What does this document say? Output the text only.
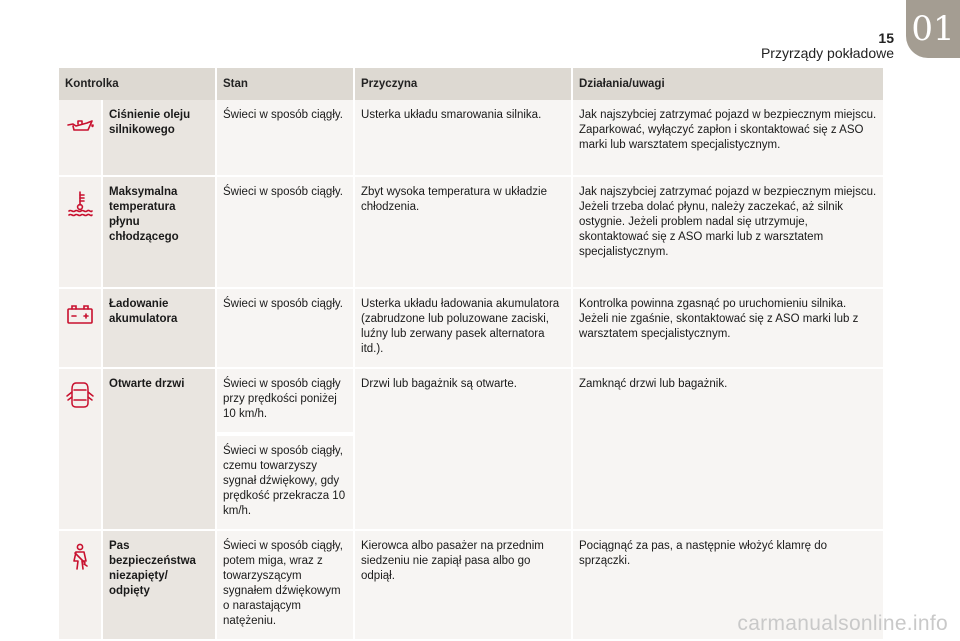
15
Przyrządy pokładowe
01
Kontrolka		Stan	Przyczyna	Działania/uwagi
	Ciśnienie oleju silnikowego	Świeci w sposób ciągły.	Usterka układu smarowania silnika.	Jak najszybciej zatrzymać pojazd w bezpiecznym miejscu. Zaparkować, wyłączyć zapłon i skontaktować się z ASO marki lub warsztatem specjalistycznym.
	Maksymalna temperatura płynu chłodzącego	Świeci w sposób ciągły.	Zbyt wysoka temperatura w układzie chłodzenia.	Jak najszybciej zatrzymać pojazd w bezpiecznym miejscu. Jeżeli trzeba dolać płynu, należy zaczekać, aż silnik ostygnie. Jeżeli problem nadal się utrzymuje, skontaktować się z ASO marki lub z warsztatem specjalistycznym.
	Ładowanie akumulatora	Świeci w sposób ciągły.	Usterka układu ładowania akumulatora (zabrudzone lub poluzowane zaciski, luźny lub zerwany pasek alternatora itd.).	Kontrolka powinna zgasnąć po uruchomieniu silnika. Jeżeli nie zgaśnie, skontaktować się z ASO marki lub z warsztatem specjalistycznym.
	Otwarte drzwi	Świeci w sposób ciągły przy prędkości poniżej 10 km/h.	Drzwi lub bagażnik są otwarte.	Zamknąć drzwi lub bagażnik.
		Świeci w sposób ciągły, czemu towarzyszy sygnał dźwiękowy, gdy prędkość przekracza 10 km/h.		
	Pas bezpieczeństwa niezapięty/ odpięty	Świeci w sposób ciągły, potem miga, wraz z towarzyszącym sygnałem dźwiękowym o narastającym natężeniu.	Kierowca albo pasażer na przednim siedzeniu nie zapiął pasa albo go odpiął.	Pociągnąć za pas, a następnie włożyć klamrę do sprzączki.
carmanualsonline.info
